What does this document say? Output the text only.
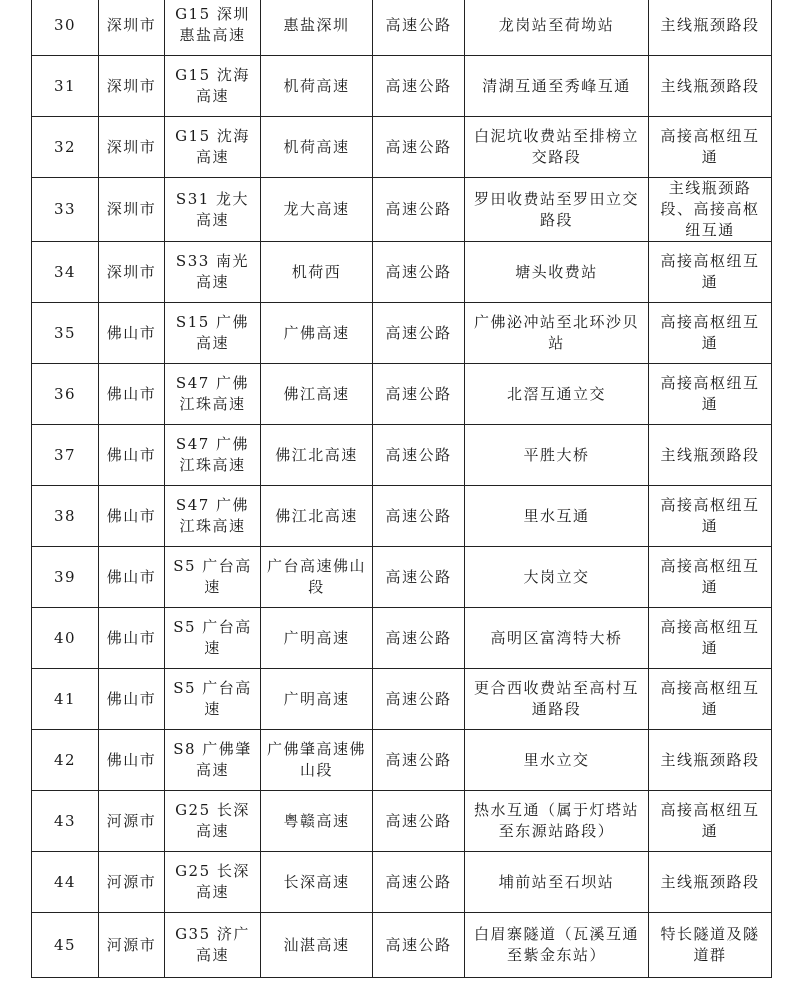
30	深圳市	G15 深圳惠盐高速	惠盐深圳	高速公路	龙岗站至荷坳站	主线瓶颈路段
31	深圳市	G15 沈海高速	机荷高速	高速公路	清湖互通至秀峰互通	主线瓶颈路段
32	深圳市	G15 沈海高速	机荷高速	高速公路	白泥坑收费站至排榜立交路段	高接高枢纽互通
33	深圳市	S31 龙大高速	龙大高速	高速公路	罗田收费站至罗田立交路段	主线瓶颈路段、高接高枢纽互通
34	深圳市	S33 南光高速	机荷西	高速公路	塘头收费站	高接高枢纽互通
35	佛山市	S15 广佛高速	广佛高速	高速公路	广佛泌冲站至北环沙贝站	高接高枢纽互通
36	佛山市	S47 广佛江珠高速	佛江高速	高速公路	北滘互通立交	高接高枢纽互通
37	佛山市	S47 广佛江珠高速	佛江北高速	高速公路	平胜大桥	主线瓶颈路段
38	佛山市	S47 广佛江珠高速	佛江北高速	高速公路	里水互通	高接高枢纽互通
39	佛山市	S5 广台高速	广台高速佛山段	高速公路	大岗立交	高接高枢纽互通
40	佛山市	S5 广台高速	广明高速	高速公路	高明区富湾特大桥	高接高枢纽互通
41	佛山市	S5 广台高速	广明高速	高速公路	更合西收费站至高村互通路段	高接高枢纽互通
42	佛山市	S8 广佛肇高速	广佛肇高速佛山段	高速公路	里水立交	主线瓶颈路段
43	河源市	G25 长深高速	粤赣高速	高速公路	热水互通（属于灯塔站至东源站路段）	高接高枢纽互通
44	河源市	G25 长深高速	长深高速	高速公路	埔前站至石坝站	主线瓶颈路段
45	河源市	G35 济广高速	汕湛高速	高速公路	白眉寨隧道（瓦溪互通至紫金东站）	特长隧道及隧道群
